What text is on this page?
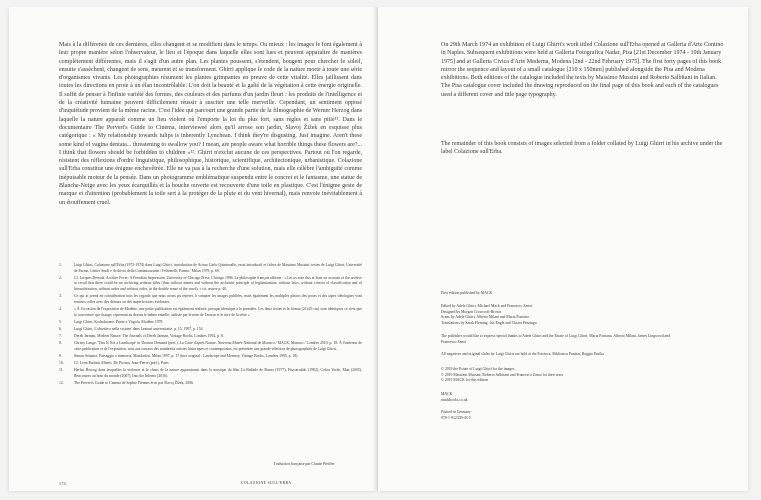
Mais à la différence de ces dernières, elles changent et se modifient dans le temps. Ou mieux : les images le font également à leur propre manière selon l'observateur, le lieu et l'époque dans laquelle elles sont lues et peuvent apparaître de manières complètement différentes, mais il s'agit d'un autre plan. Les plantes poussent, s'étendent, bougent pour chercher le soleil, ensuite s'assèchent, changent de sens, meurent et se transforment. Ghirri applique le code de la nature morte à toute une série d'organismes vivants. Les photographies résument les plantes grimpantes en preuve de cette vitalité. Elles jaillissent dans toutes les directions en proie à un élan incontrôlable. L'on doit la beauté et la gaîté de la végétation à cette énergie originelle. Il suffit de penser à l'infinie variété des formes, des couleurs et des parfums d'un jardin fleuri : les produits de l'intelligence et de la créativité humaine peuvent difficilement réussir à susciter une telle merveille. Cependant, un sentiment opposé d'inquiétude provient de la même racine. C'est l'idée qui parcourt une grande partie de la filmographie de Werner Herzog dans laquelle la nature apparaît comme un lieu violent où l'emporte la loi du plus fort, sans règles et sans pitié¹¹. Dans le documentaire The Pervert's Guide to Cinema, intervieweé alors qu'il arrose son jardin, Slavoj Žižek en esquisse plus catégorique : « My relationship towards tulips is inherently Lynchean. I think they're disgusting. Just imagine. Aren't these some kind of vagina dentata... threatening to swallow you? I mean, are people aware what horrible things these flowers are?... I think that flowers should be forbidden to children »¹². Ghirri n'exclut aucune de ces perspectives. Partout où l'on regarde, résistent des réflexions d'ordre linguistique, philosophique, historique, scientifique, architectonique, urbanistique. Colazione sull'Erba constitue une énigme enchevêtrée. Elle ne va pas à la recherche d'une solution, mais elle célèbre l'ambiguïté comme inépuisable moteur de la pensée. Dans un photogramme emblématique suspendu entre le concret et le fantasme, une statue de Blanche-Neige avec les yeux écarquillés et la bouche ouverte est recouverte d'une toile en plastique. C'est l'énigme geste de marque et d'attention (probablement la toile sert à la protéger de la pluie et du vent hivernal), mais renvoie inévitablement à un étouffement cruel.

1.	Luigi Ghirri, Colazione sull'Erba (1972-1974) dans Luigi Ghirri, introduction de Arturo Carlo Quintavalle, essai introductif et fiches de Massimo Mussini, textes de Luigi Ghirri, Université de Parme, Centre Studi e Archivio della Comunicazione / Feltrinelli, Parma / Milan 1979, p. 69.
2.	Cf. Jacques Derrida, Archive Fever: A Freudian Impression, University of Chicago Press, Chicago 1996. Le philosophe français affirme : « Let us note this at least on account of the archive to recall that there could be no archiving without titles (thus without names and without the archontic principle of legitimization, without laws, without criteria of classification and of hierarchization, without order and without order, in the double sense of the word). » cit. œuvre p. 40.
3.	Ce qui ai prend en considération tous les regards que nous avons pu repérer, à compter les images publiées, mais également les multiples photos des poses et des tapes idéologues vont remises celles avec des détours ou des imperfections évidentes.
4.	« À l'occasion de l'exposition de Modène, une petite publication est également réalisée, presque identique à la première. Les deux textes et la format (21x25 cm) sont identiques ce n'est que la couverture qui change, reprenant au dessus le même entaille, utilisée par le nom de l'auteur et le titre de la série ».
5.	Luigi Ghirri, Kodachrome, Punto e Virgola, Modène 1978.
6.	Luigi Ghirri, L'obiettivo nella visione' dans Lezioni universitarie, p. 15, 1997, p. 154.
7.	Derek Jarman, Modern Nature: The Journals of Derek Jarman, Vintage Books, Londres 1992, p. 8.
8.	Christy Lange, 'This Is Not a Landscape' in Thomas Demand (pref.), La Carte d'après Nature, Nouveau Musée National de Monaco / MACK, Monaco / Londres 2010, p. 18. À l'intérieur de cette publication et de l'exposition, sont aux travaux des nombreux artistes historiques et contemporains, est présentée une grande sélection de photographies de Luigi Ghirri.
9.	Simon Schama, Paesaggio e memoria, Mondadori, Milan 1997, p. 17 (titre original : Landscape and Memory, Vintage Books, Londres 1995, p. 18).
10.	Cf. Leon Battista Alberti, De Pictura, Jean-Pierre (préf.), Paris.
11.	Herbst Herzog dans lesquelles la violence et le chaos de la nature apparaissent dans le musique du film La Ballade de Bruno (1977); Fitzcarraldo (1982); Cobra Verde, Man (2005), Rencontres au bout du monde (2007), Into the Inferno (2016).
12.	The Pervert's Guide to Cinema de Sophie Fiennes écrit par Slavoj Žižek, 2006.
Traduction française par Claude Pfeiffer
174	COLAZIONE SULL'ERBA

On 29th March 1974 an exhibition of Luigi Ghirri's work titled Colazione sull'Erba opened at Galleria d'Arte Contino in Naples. Subsequent exhibitions were held at Galleria Fotografica Nadar, Pisa [21st December 1974 - 10th January 1975] and at Galleria Civica d'Arte Moderna, Modena [2nd - 22nd February 1975]. The first forty pages of this book mirror the sequence and layout of a small catalogue [210 x 150mm] published alongside the Pisa and Modena exhibitions. Both editions of the catalogue included the texts by Massimo Mussini and Roberto Salbitani in Italian. The Pisa catalogue cover included the drawing reproduced on the final page of this book and each of the catalogues used a different cover and title page typography.

The remainder of this book consists of images selected from a folder collated by Luigi Ghirri in his archive under the label Colazione sull'Erba.

First edition published by MACK

Edited by Adele Ghirri, Michael Mack and Francesco Zanot
Designed by Morgan Crowcroft-Brown
Scans by Adele Ghirri, Alberto Milani and Maria Fontana
Translations by Sarah Fleming, Iris Engle and Chiara Pezzinga

The publisher would like to express special thanks to Adele Ghirri and the Estate of Luigi Ghirri, Maria Fontana, Alberto Milani, James Lingwood and Francesco Zanot

All negatives and original slides by Luigi Ghirri are held at the Fototeca, Biblioteca Panizzi, Reggio Emilia

© 2019 the Estate of Luigi Ghirri for the images
© 2019 Massimo Mussini, Roberto Salbitani and Francesco Zanot for their texts
© 2019 MACK for this edition
MACK
mackbooks.co.uk
Printed in Germany
978-1-912339-43-5
